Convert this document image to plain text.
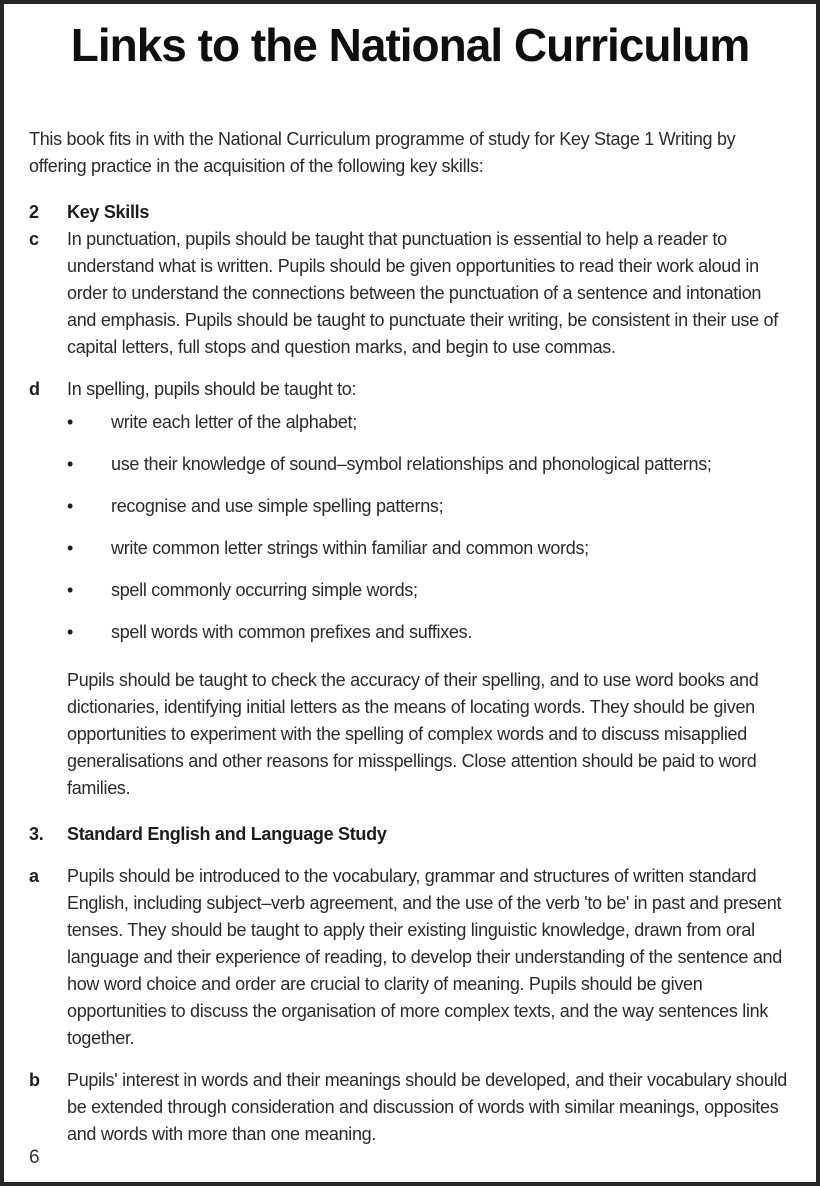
Links to the National Curriculum

This book fits in with the National Curriculum programme of study for Key Stage 1 Writing by offering practice in the acquisition of the following key skills:

2	Key Skills
c	In punctuation, pupils should be taught that punctuation is essential to help a reader to understand what is written. Pupils should be given opportunities to read their work aloud in order to understand the connections between the punctuation of a sentence and intonation and emphasis. Pupils should be taught to punctuate their writing, be consistent in their use of capital letters, full stops and question marks, and begin to use commas.
d	In spelling, pupils should be taught to:
•	write each letter of the alphabet;
•	use their knowledge of sound–symbol relationships and phonological patterns;
•	recognise and use simple spelling patterns;
•	write common letter strings within familiar and common words;
•	spell commonly occurring simple words;
•	spell words with common prefixes and suffixes.
Pupils should be taught to check the accuracy of their spelling, and to use word books and dictionaries, identifying initial letters as the means of locating words. They should be given opportunities to experiment with the spelling of complex words and to discuss misapplied generalisations and other reasons for misspellings. Close attention should be paid to word families.
3.	Standard English and Language Study
a	Pupils should be introduced to the vocabulary, grammar and structures of written standard English, including subject–verb agreement, and the use of the verb 'to be' in past and present tenses. They should be taught to apply their existing linguistic knowledge, drawn from oral language and their experience of reading, to develop their understanding of the sentence and how word choice and order are crucial to clarity of meaning. Pupils should be given opportunities to discuss the organisation of more complex texts, and the way sentences link together.
b	Pupils' interest in words and their meanings should be developed, and their vocabulary should be extended through consideration and discussion of words with similar meanings, opposites and words with more than one meaning.
6
